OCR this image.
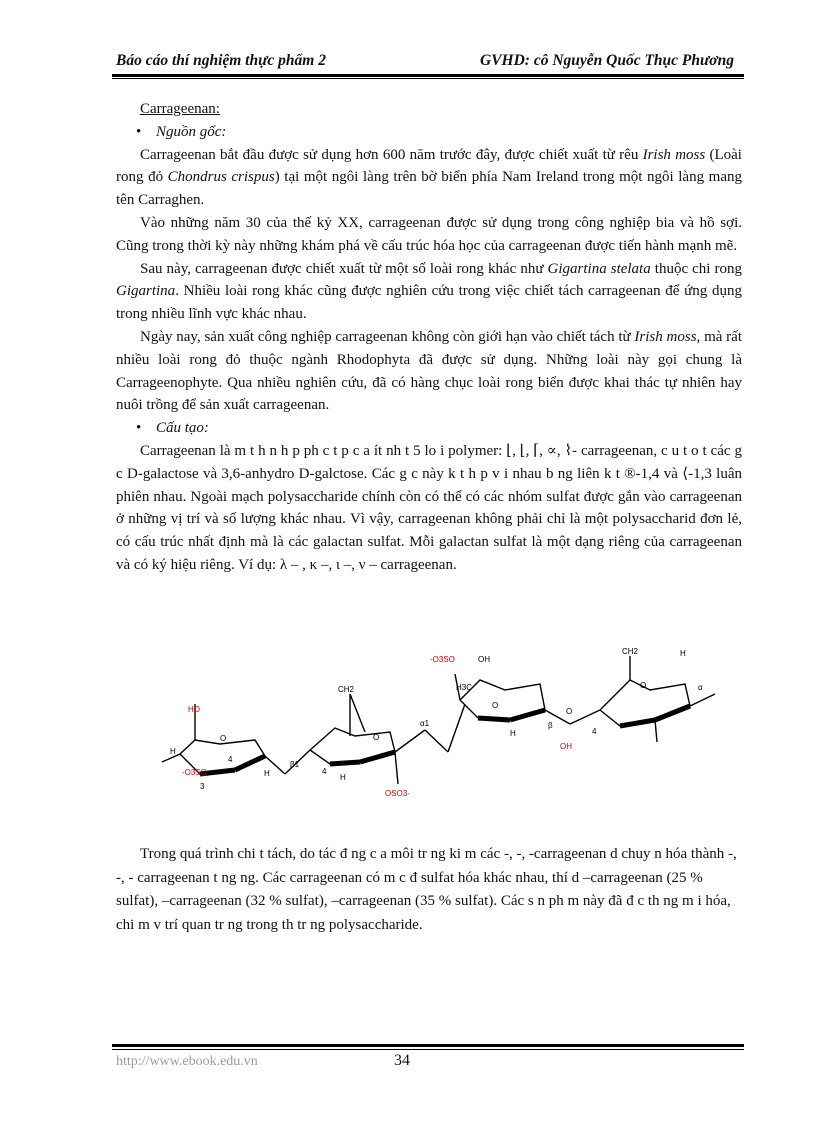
Báo cáo thí nghiệm thực phẩm 2	GVHD: cô Nguyễn Quốc Thục Phương

Carrageenan:

• Nguồn gốc:

Carrageenan bắt đầu được sử dụng hơn 600 năm trước đây, được chiết xuất từ rêu Irish moss (Loài rong đỏ Chondrus crispus) tại một ngôi làng trên bờ biển phía Nam Ireland trong một ngôi làng mang tên Carraghen.

Vào những năm 30 của thế kỷ XX, carrageenan được sử dụng trong công nghiệp bia và hồ sợi. Cũng trong thời kỳ này những khám phá về cấu trúc hóa học của carrageenan được tiến hành mạnh mẽ.

Sau này, carrageenan được chiết xuất từ một số loài rong khác như Gigartina stelata thuộc chi rong Gigartina. Nhiều loài rong khác cũng được nghiên cứu trong việc chiết tách carrageenan để ứng dụng trong nhiều lĩnh vực khác nhau.

Ngày nay, sản xuất công nghiệp carrageenan không còn giới hạn vào chiết tách từ Irish moss, mà rất nhiều loài rong đỏ thuộc ngành Rhodophyta đã được sử dụng. Những loài này gọi chung là Carrageenophyte. Qua nhiều nghiên cứu, đã có hàng chục loài rong biển được khai thác tự nhiên hay nuôi trồng để sản xuất carrageenan.

• Cấu tạo:

Carrageenan là m t h n h p ph c t p c a ít nh t 5 lo i polymer: ⌊, ⌊, ⌈, ∝, ⌇- carrageenan, c u t o t các g c D-galactose và 3,6-anhydro D-galctose. Các g c này k t h p v i nhau b ng liên k t ®-1,4 và ⟨-1,3 luân phiên nhau. Ngoài mạch polysaccharide chính còn có thể có các nhóm sulfat được gắn vào carrageenan ở những vị trí và số lượng khác nhau. Vì vậy, carrageenan không phải chỉ là một polysaccharid đơn lẻ, có cấu trúc nhất định mà là các galactan sulfat. Mỗi galactan sulfat là một dạng riêng của carrageenan và có ký hiệu riêng. Ví dụ: λ – , κ –, ι –, ν – carrageenan.

HO
-O3SO
OSO3-
-O3SO
OH
O
H
3
4
H
β1
CH2
O
4
H
α1
OH
H3C
O
H
β
O
CH2
O
4
H
α

Trong quá trình chi t tách, do tác đ ng c a môi tr ng ki m các -, -, -carrageenan d chuy n hóa thành -, -, - carrageenan t ng ng. Các carrageenan có m c đ sulfat hóa khác nhau, thí d –carrageenan (25 % sulfat), –carrageenan (32 % sulfat), –carrageenan (35 % sulfat). Các s n ph m này đã đ c th ng m i hóa, chi m v trí quan tr ng trong th tr ng polysaccharide.

http://www.ebook.edu.vn	34
